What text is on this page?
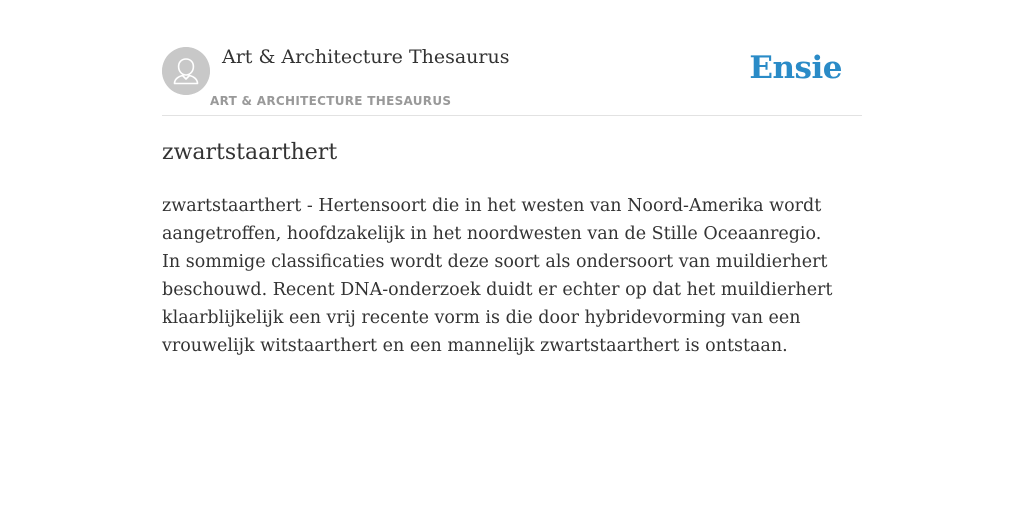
Art & Architecture Thesaurus
ART & ARCHITECTURE THESAURUS
Ensie
zwartstaarthert

zwartstaarthert - Hertensoort die in het westen van Noord-Amerika wordt aangetroffen, hoofdzakelijk in het noordwesten van de Stille Oceaanregio. In sommige classificaties wordt deze soort als ondersoort van muildierhert beschouwd. Recent DNA-onderzoek duidt er echter op dat het muildierhert klaarblijkelijk een vrij recente vorm is die door hybridevorming van een vrouwelijk witstaarthert en een mannelijk zwartstaarthert is ontstaan.
